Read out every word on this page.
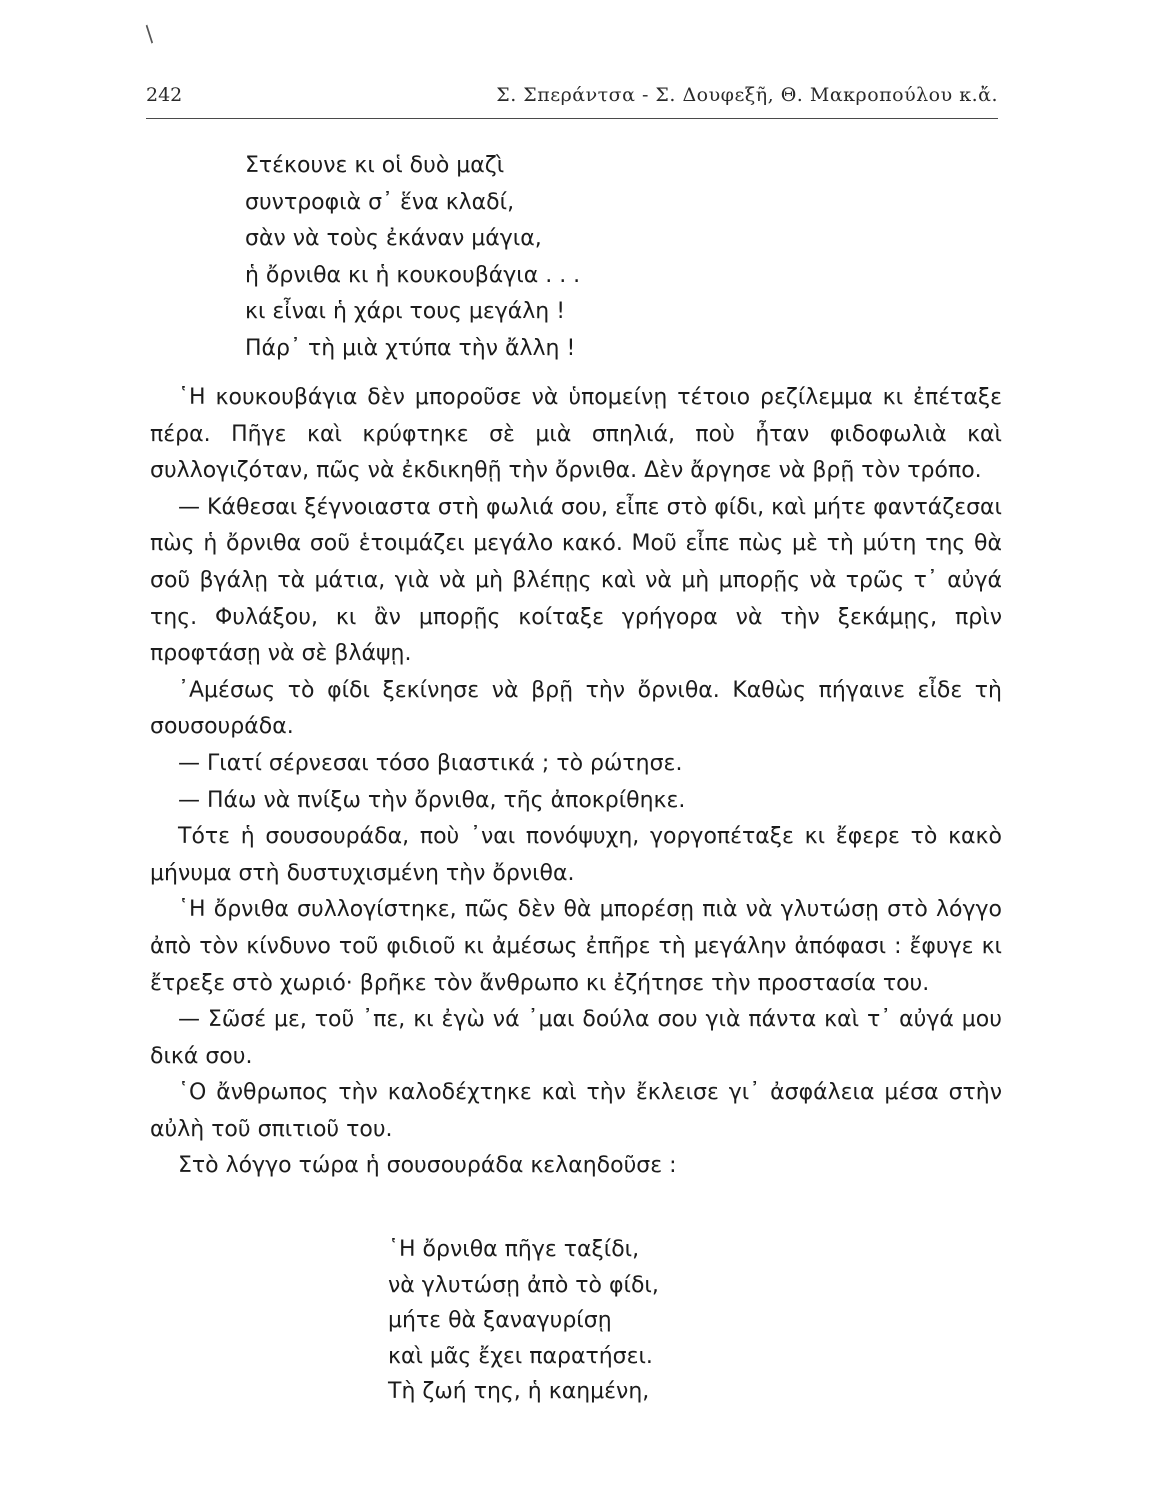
/
242	Σ. Σπεράντσα - Σ. Δουφεξῆ, Θ. Μακροπούλου κ.ἄ.
Στέκουνε κι οἱ δυὸ μαζὶ
συντροφιὰ σ᾿ ἕνα κλαδί,
σὰν νὰ τοὺς ἐκάναν μάγια,
ἡ ὄρνιθα κι ἡ κουκουβάγια . . .
κι εἶναι ἡ χάρι τους μεγάλη !
Πάρ᾿ τὴ μιὰ χτύπα τὴν ἄλλη !

῾Η κουκουβάγια δὲν μποροῦσε νὰ ὑπομείνῃ τέτοιο ρεζίλεμμα κι ἐπέταξε πέρα. Πῆγε καὶ κρύφτηκε σὲ μιὰ σπηλιά, ποὺ ἦταν φιδοφωλιὰ καὶ συλλογιζόταν, πῶς νὰ ἐκδικηθῇ τὴν ὄρνιθα. Δὲν ἄργησε νὰ βρῇ τὸν τρόπο.

— Κάθεσαι ξέγνοιαστα στὴ φωλιά σου, εἶπε στὸ φίδι, καὶ μήτε φαντάζεσαι πὼς ἡ ὄρνιθα σοῦ ἑτοιμάζει μεγάλο κακό. Μοῦ εἶπε πὼς μὲ τὴ μύτη της θὰ σοῦ βγάλῃ τὰ μάτια, γιὰ νὰ μὴ βλέπῃς καὶ νὰ μὴ μπορῇς νὰ τρῶς τ᾿ αὐγά της. Φυλάξου, κι ἂν μπορῇς κοίταξε γρήγορα νὰ τὴν ξεκάμῃς, πρὶν προφτάσῃ νὰ σὲ βλάψῃ.

᾿Αμέσως τὸ φίδι ξεκίνησε νὰ βρῇ τὴν ὄρνιθα. Καθὼς πήγαινε εἶδε τὴ σουσουράδα.

— Γιατί σέρνεσαι τόσο βιαστικά ; τὸ ρώτησε.

— Πάω νὰ πνίξω τὴν ὄρνιθα, τῆς ἀποκρίθηκε.

Τότε ἡ σουσουράδα, ποὺ ᾿ναι πονόψυχη, γοργοπέταξε κι ἔφερε τὸ κακὸ μήνυμα στὴ δυστυχισμένη τὴν ὄρνιθα.

῾Η ὄρνιθα συλλογίστηκε, πῶς δὲν θὰ μπορέσῃ πιὰ νὰ γλυτώσῃ στὸ λόγγο ἀπὸ τὸν κίνδυνο τοῦ φιδιοῦ κι ἀμέσως ἐπῆρε τὴ μεγάλην ἀπόφασι : ἔφυγε κι ἔτρεξε στὸ χωριό· βρῆκε τὸν ἄνθρωπο κι ἐζήτησε τὴν προστασία του.

— Σῶσέ με, τοῦ ᾿πε, κι ἐγὼ νά ᾿μαι δούλα σου γιὰ πάντα καὶ τ᾿ αὐγά μου δικά σου.

῾Ο ἄνθρωπος τὴν καλοδέχτηκε καὶ τὴν ἔκλεισε γι᾿ ἀσφάλεια μέσα στὴν αὐλὴ τοῦ σπιτιοῦ του.

Στὸ λόγγο τώρα ἡ σουσουράδα κελαηδοῦσε :

῾Η ὄρνιθα πῆγε ταξίδι,
νὰ γλυτώσῃ ἀπὸ τὸ φίδι,
μήτε θὰ ξαναγυρίσῃ
καὶ μᾶς ἔχει παρατήσει.
Τὴ ζωή της, ἡ καημένη,
